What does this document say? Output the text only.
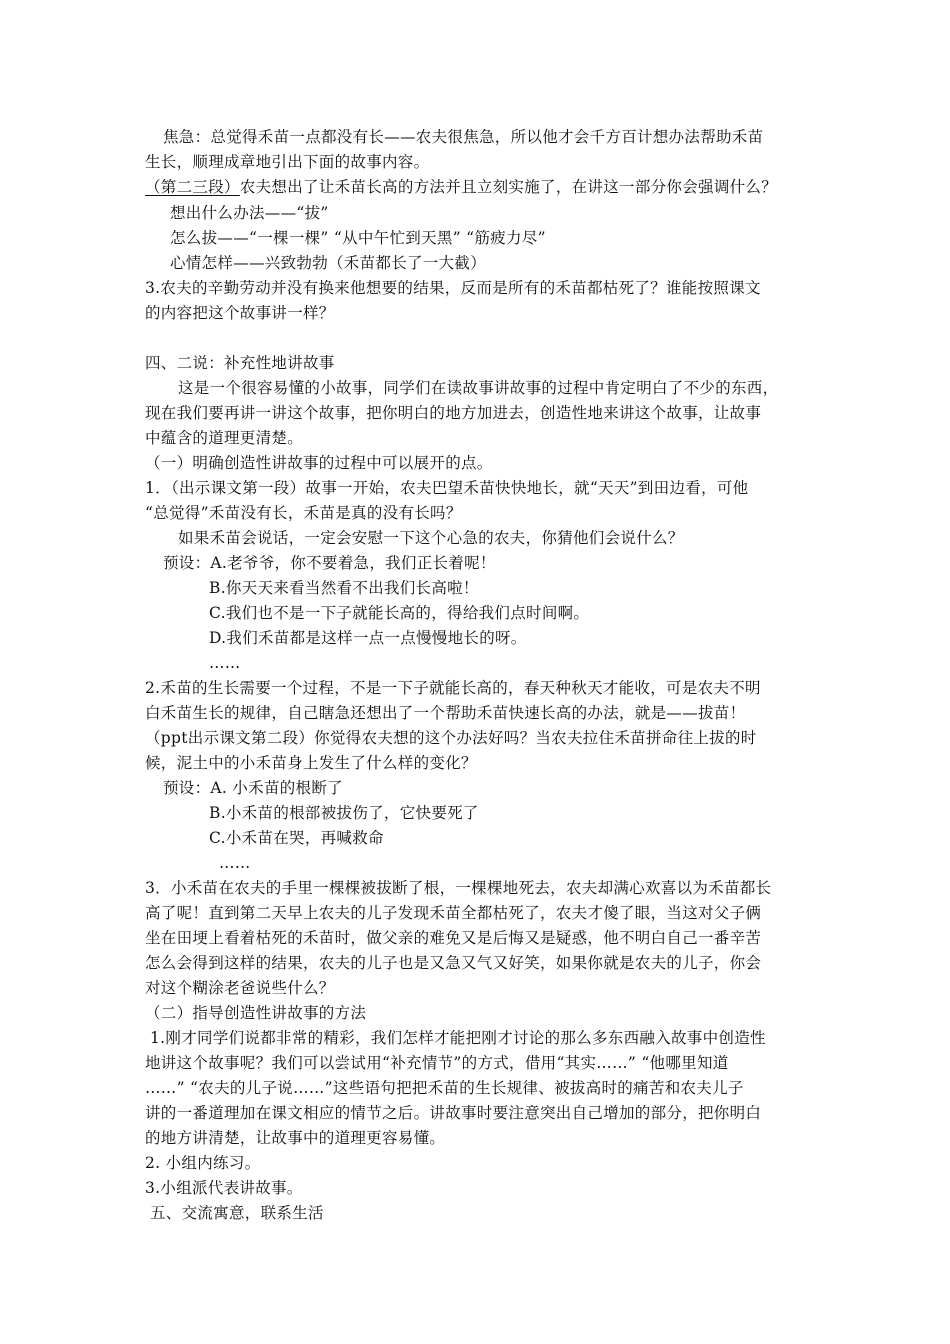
焦急：总觉得禾苗一点都没有长——农夫很焦急，所以他才会千方百计想办法帮助禾苗
生长，顺理成章地引出下面的故事内容。
（第二三段）农夫想出了让禾苗长高的方法并且立刻实施了，在讲这一部分你会强调什么？
想出什么办法——“拔”
怎么拔——“一棵一棵” “从中午忙到天黑” “筋疲力尽”
心情怎样——兴致勃勃（禾苗都长了一大截）
3.农夫的辛勤劳动并没有换来他想要的结果，反而是所有的禾苗都枯死了？谁能按照课文
的内容把这个故事讲一样？
四、二说：补充性地讲故事
这是一个很容易懂的小故事，同学们在读故事讲故事的过程中肯定明白了不少的东西，
现在我们要再讲一讲这个故事，把你明白的地方加进去，创造性地来讲这个故事，让故事
中蕴含的道理更清楚。
（一）明确创造性讲故事的过程中可以展开的点。
1．（出示课文第一段）故事一开始，农夫巴望禾苗快快地长，就“天天”到田边看，可他
“总觉得”禾苗没有长，禾苗是真的没有长吗？
如果禾苗会说话，一定会安慰一下这个心急的农夫，你猜他们会说什么？
预设：A.老爷爷，你不要着急，我们正长着呢！
B.你天天来看当然看不出我们长高啦！
C.我们也不是一下子就能长高的，得给我们点时间啊。
D.我们禾苗都是这样一点一点慢慢地长的呀。
……
2.禾苗的生长需要一个过程，不是一下子就能长高的，春天种秋天才能收，可是农夫不明
白禾苗生长的规律，自己瞎急还想出了一个帮助禾苗快速长高的办法，就是——拔苗！
（ppt出示课文第二段）你觉得农夫想的这个办法好吗？当农夫拉住禾苗拼命往上拔的时
候，泥土中的小禾苗身上发生了什么样的变化？
预设：A. 小禾苗的根断了
B.小禾苗的根部被拔伤了，它快要死了
C.小禾苗在哭，再喊救命
……
3．小禾苗在农夫的手里一棵棵被拔断了根，一棵棵地死去，农夫却满心欢喜以为禾苗都长
高了呢！直到第二天早上农夫的儿子发现禾苗全都枯死了，农夫才傻了眼，当这对父子俩
坐在田埂上看着枯死的禾苗时，做父亲的难免又是后悔又是疑惑，他不明白自己一番辛苦
怎么会得到这样的结果，农夫的儿子也是又急又气又好笑，如果你就是农夫的儿子，你会
对这个糊涂老爸说些什么？
（二）指导创造性讲故事的方法
1.刚才同学们说都非常的精彩，我们怎样才能把刚才讨论的那么多东西融入故事中创造性
地讲这个故事呢？我们可以尝试用“补充情节”的方式，借用“其实……” “他哪里知道
……” “农夫的儿子说……”这些语句把把禾苗的生长规律、被拔高时的痛苦和农夫儿子
讲的一番道理加在课文相应的情节之后。讲故事时要注意突出自己增加的部分，把你明白
的地方讲清楚，让故事中的道理更容易懂。
2. 小组内练习。
3.小组派代表讲故事。
五、交流寓意，联系生活
